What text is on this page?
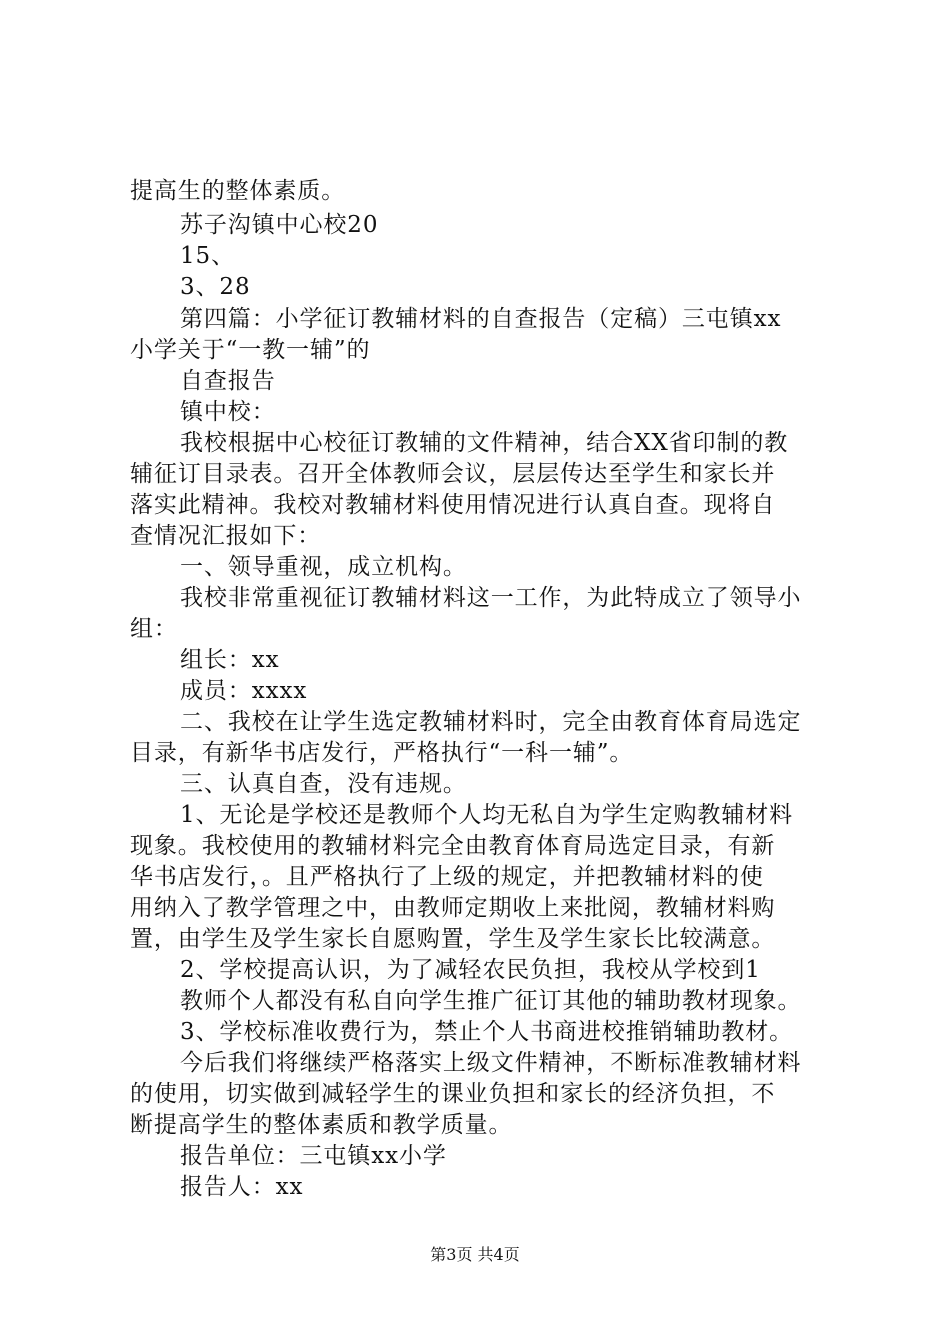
提高生的整体素质。
苏子沟镇中心校20
15、
3、28
第四篇：小学征订教辅材料的自查报告（定稿）三屯镇xx
小学关于“一教一辅”的
自查报告
镇中校：
我校根据中心校征订教辅的文件精神，结合XX省印制的教
辅征订目录表。召开全体教师会议，层层传达至学生和家长并
落实此精神。我校对教辅材料使用情况进行认真自查。现将自
查情况汇报如下：
一、领导重视，成立机构。
我校非常重视征订教辅材料这一工作，为此特成立了领导小
组：
组长：xx
成员：xxxx
二、我校在让学生选定教辅材料时，完全由教育体育局选定
目录，有新华书店发行，严格执行“一科一辅”。
三、认真自查，没有违规。
1、无论是学校还是教师个人均无私自为学生定购教辅材料
现象。我校使用的教辅材料完全由教育体育局选定目录，有新
华书店发行，。且严格执行了上级的规定，并把教辅材料的使
用纳入了教学管理之中，由教师定期收上来批阅，教辅材料购
置，由学生及学生家长自愿购置，学生及学生家长比较满意。
2、学校提高认识，为了减轻农民负担，我校从学校到1
教师个人都没有私自向学生推广征订其他的辅助教材现象。
3、学校标准收费行为，禁止个人书商进校推销辅助教材。
今后我们将继续严格落实上级文件精神，不断标准教辅材料
的使用，切实做到减轻学生的课业负担和家长的经济负担，不
断提高学生的整体素质和教学质量。
报告单位：三屯镇xx小学
报告人：xx
第3页 共4页
